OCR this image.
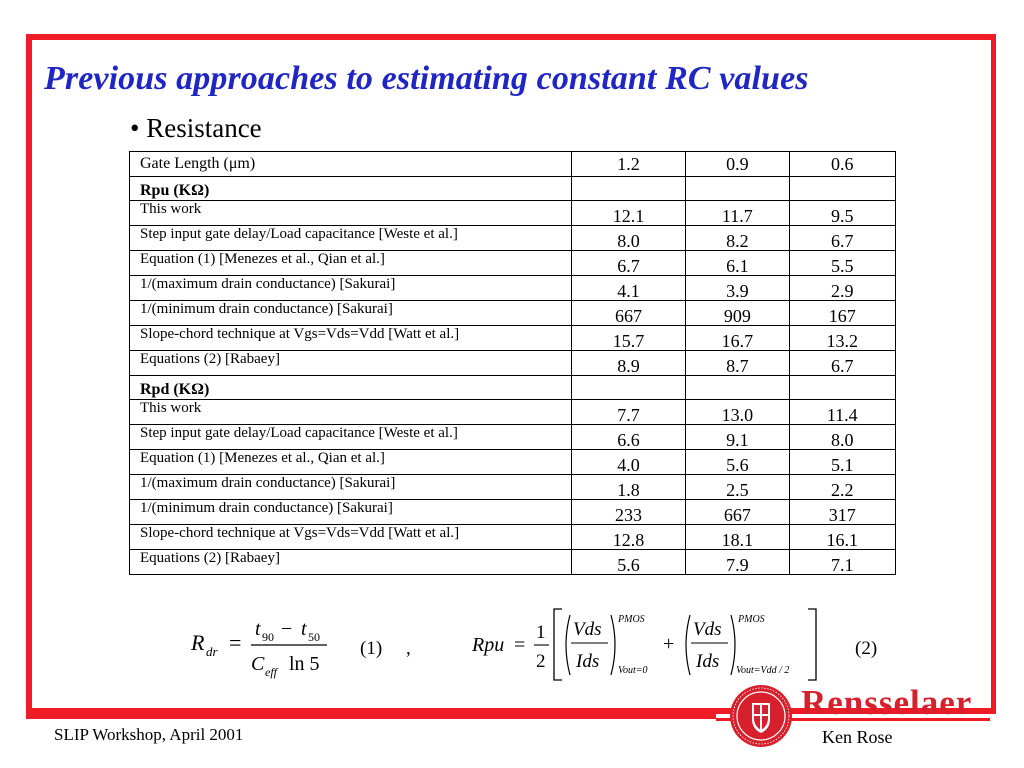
Previous approaches to estimating constant RC values
• Resistance
Gate Length (μm)	1.2	0.9	0.6
Rpu (KΩ)			
This work	12.1	11.7	9.5
Step input gate delay/Load capacitance [Weste et al.]	8.0	8.2	6.7
Equation (1) [Menezes et al., Qian et al.]	6.7	6.1	5.5
1/(maximum drain conductance) [Sakurai]	4.1	3.9	2.9
1/(minimum drain conductance) [Sakurai]	667	909	167
Slope-chord technique at Vgs=Vds=Vdd [Watt et al.]	15.7	16.7	13.2
Equations (2) [Rabaey]	8.9	8.7	6.7
Rpd (KΩ)			
This work	7.7	13.0	11.4
Step input gate delay/Load capacitance [Weste et al.]	6.6	9.1	8.0
Equation (1) [Menezes et al., Qian et al.]	4.0	5.6	5.1
1/(maximum drain conductance) [Sakurai]	1.8	2.5	2.2
1/(minimum drain conductance) [Sakurai]	233	667	317
Slope-chord technique at Vgs=Vds=Vdd [Watt et al.]	12.8	18.1	16.1
Equations (2) [Rabaey]	5.6	7.9	7.1
R dr =
t 90 − t 50
C eff ln 5
(1) ,	Rpu =
1
2
Vds
Ids
PMOS
Vout=0
+
Vds
Ids
PMOS
Vout=Vdd / 2
(2)
Rensselaer
SLIP Workshop, April 2001	Ken Rose
